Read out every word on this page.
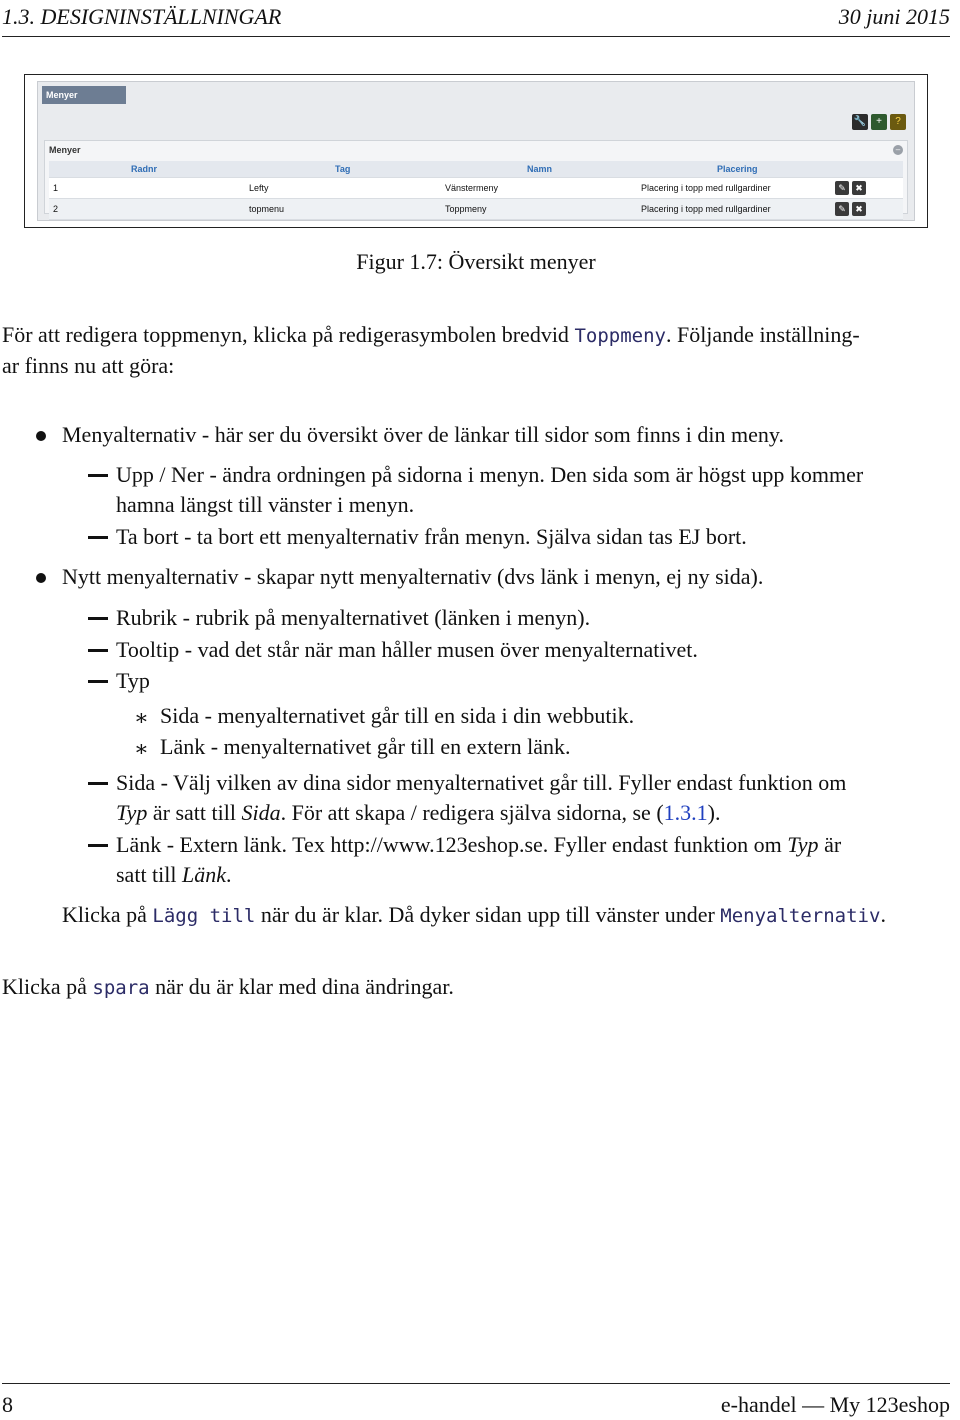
1.3. DESIGNINSTÄLLNINGAR	30 juni 2015
Menyer
🔧 +	?
Menyer	–
Radnr	Tag	Namn	Placering
1	Lefty	Vänstermeny	Placering i topp med rullgardiner	✎	✖
2	topmenu	Toppmeny	Placering i topp med rullgardiner	✎	✖
Figur 1.7: Översikt menyer
För att redigera toppmenyn, klicka på redigerasymbolen bredvid Toppmeny. Följande inställning-
ar finns nu att göra:
Menyalternativ - här ser du översikt över de länkar till sidor som finns i din meny.
Upp / Ner - ändra ordningen på sidorna i menyn. Den sida som är högst upp kommer
hamna längst till vänster i menyn.
Ta bort - ta bort ett menyalternativ från menyn. Själva sidan tas EJ bort.
Nytt menyalternativ - skapar nytt menyalternativ (dvs länk i menyn, ej ny sida).
Rubrik - rubrik på menyalternativet (länken i menyn).
Tooltip - vad det står när man håller musen över menyalternativet.
Typ
∗ Sida - menyalternativet går till en sida i din webbutik.
∗ Länk - menyalternativet går till en extern länk.
Sida - Välj vilken av dina sidor menyalternativet går till. Fyller endast funktion om
Typ är satt till Sida. För att skapa / redigera själva sidorna, se (1.3.1).
Länk - Extern länk. Tex http://www.123eshop.se. Fyller endast funktion om Typ är
satt till Länk.
Klicka på Lägg till när du är klar. Då dyker sidan upp till vänster under Menyalternativ.
Klicka på spara när du är klar med dina ändringar.
8	e-handel — My 123eshop
